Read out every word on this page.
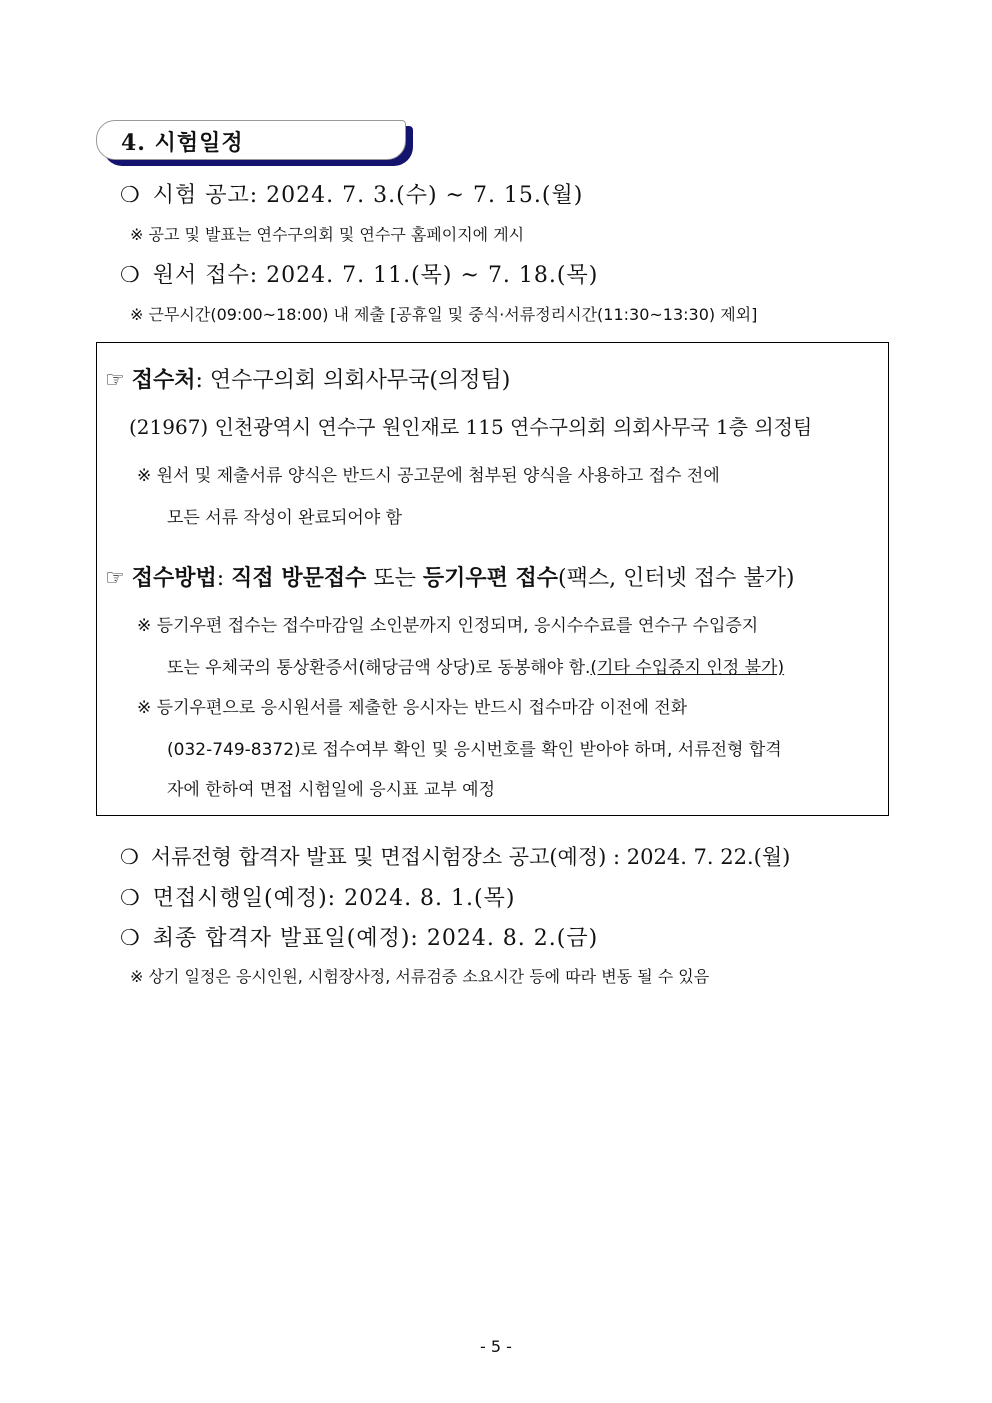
4. 시험일정
❍ 시험 공고: 2024. 7. 3.(수) ~ 7. 15.(월)
※ 공고 및 발표는 연수구의회 및 연수구 홈페이지에 게시
❍ 원서 접수: 2024. 7. 11.(목) ~ 7. 18.(목)
※ 근무시간(09:00~18:00) 내 제출 [공휴일 및 중식·서류정리시간(11:30~13:30) 제외]
☞ 접수처: 연수구의회 의회사무국(의정팀)
(21967) 인천광역시 연수구 원인재로 115 연수구의회 의회사무국 1층 의정팀
※ 원서 및 제출서류 양식은 반드시 공고문에 첨부된 양식을 사용하고 접수 전에
모든 서류 작성이 완료되어야 함
☞ 접수방법: 직접 방문접수 또는 등기우편 접수(팩스, 인터넷 접수 불가)
※ 등기우편 접수는 접수마감일 소인분까지 인정되며, 응시수수료를 연수구 수입증지
또는 우체국의 통상환증서(해당금액 상당)로 동봉해야 함.(기타 수입증지 인정 불가)
※ 등기우편으로 응시원서를 제출한 응시자는 반드시 접수마감 이전에 전화
(032-749-8372)로 접수여부 확인 및 응시번호를 확인 받아야 하며, 서류전형 합격
자에 한하여 면접 시험일에 응시표 교부 예정
❍ 서류전형 합격자 발표 및 면접시험장소 공고(예정) : 2024. 7. 22.(월)
❍ 면접시행일(예정): 2024. 8. 1.(목)
❍ 최종 합격자 발표일(예정): 2024. 8. 2.(금)
※ 상기 일정은 응시인원, 시험장사정, 서류검증 소요시간 등에 따라 변동 될 수 있음
- 5 -
